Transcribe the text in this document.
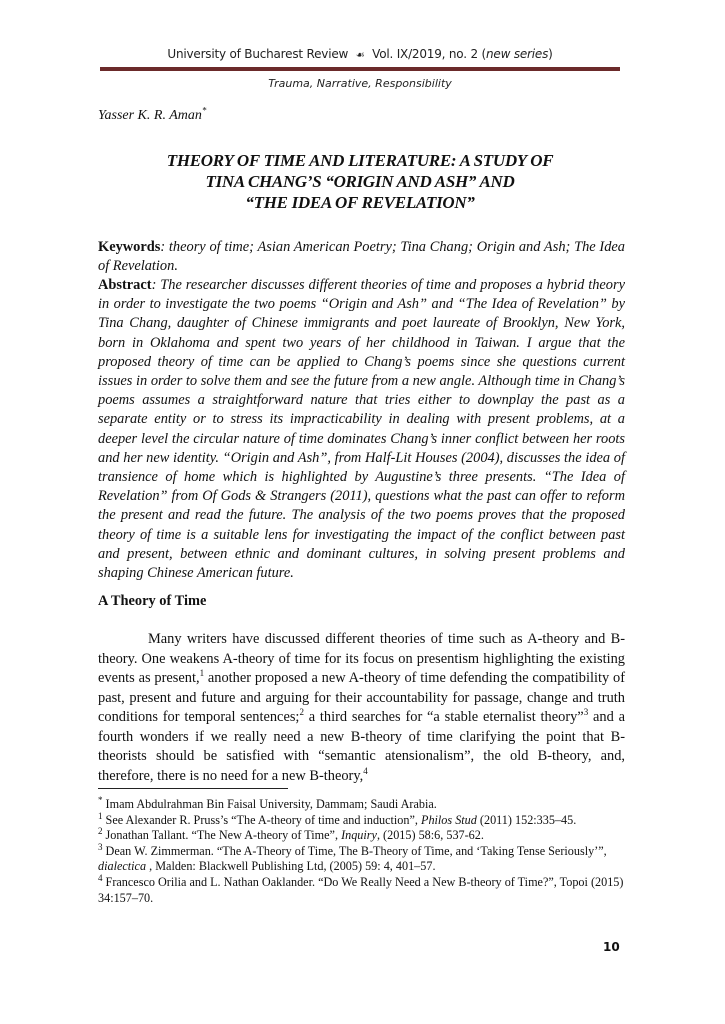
University of Bucharest Review ☙ Vol. IX/2019, no. 2 (new series)
Trauma, Narrative, Responsibility
Yasser K. R. Aman*
THEORY OF TIME AND LITERATURE: A STUDY OF
TINA CHANG’S “ORIGIN AND ASH” AND
“THE IDEA OF REVELATION”
Keywords: theory of time; Asian American Poetry; Tina Chang; Origin and Ash; The Idea of Revelation.
Abstract: The researcher discusses different theories of time and proposes a hybrid theory in order to investigate the two poems “Origin and Ash” and “The Idea of Revelation” by Tina Chang, daughter of Chinese immigrants and poet laureate of Brooklyn, New York, born in Oklahoma and spent two years of her childhood in Taiwan. I argue that the proposed theory of time can be applied to Chang’s poems since she questions current issues in order to solve them and see the future from a new angle. Although time in Chang’s poems assumes a straightforward nature that tries either to downplay the past as a separate entity or to stress its impracticability in dealing with present problems, at a deeper level the circular nature of time dominates Chang’s inner conflict between her roots and her new identity. “Origin and Ash”, from Half-Lit Houses (2004), discusses the idea of transience of home which is highlighted by Augustine’s three presents. “The Idea of Revelation” from Of Gods & Strangers (2011), questions what the past can offer to reform the present and read the future. The analysis of the two poems proves that the proposed theory of time is a suitable lens for investigating the impact of the conflict between past and present, between ethnic and dominant cultures, in solving present problems and shaping Chinese American future.
A Theory of Time
Many writers have discussed different theories of time such as A-theory and B-theory. One weakens A-theory of time for its focus on presentism highlighting the existing events as present,$^1$ another proposed a new A-theory of time defending the compatibility of past, present and future and arguing for their accountability for passage, change and truth conditions for temporal sentences;$^2$ a third searches for “a stable eternalist theory”$^3$ and a fourth wonders if we really need a new B-theory of time clarifying the point that B-theorists should be satisfied with “semantic atensionalism”, the old B-theory, and, therefore, there is no need for a new B-theory,$^4$

* Imam Abdulrahman Bin Faisal University, Dammam; Saudi Arabia.

$^1$ See Alexander R. Pruss’s “The A-theory of time and induction”, Philos Stud (2011) 152:335–45.

$^2$ Jonathan Tallant. “The New A-theory of Time”, Inquiry, (2015) 58:6, 537-62.

$^3$ Dean W. Zimmerman. “The A-Theory of Time, The B-Theory of Time, and ‘Taking Tense Seriously’”, dialectica , Malden: Blackwell Publishing Ltd, (2005) 59: 4, 401–57.

$^4$ Francesco Orilia and L. Nathan Oaklander. “Do We Really Need a New B-theory of Time?”, Topoi (2015) 34:157–70.

10
